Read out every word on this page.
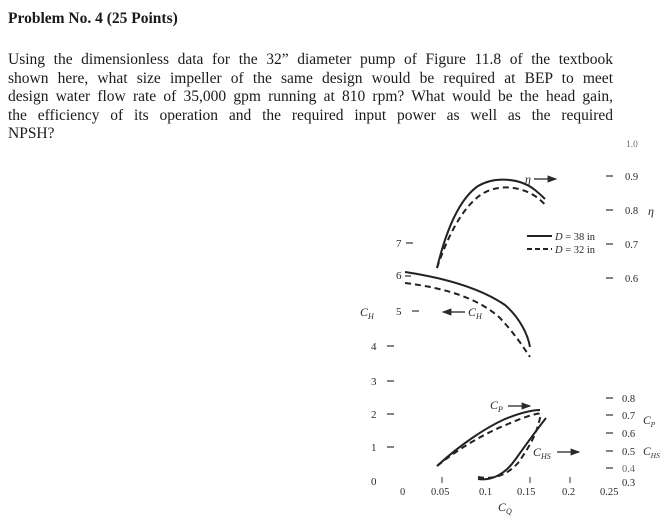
Problem No. 4 (25 Points)
Using the dimensionless data for the 32” diameter pump of Figure 11.8 of the textbook
shown here, what size impeller of the same design would be required at BEP to meet
design water flow rate of 35,000 gpm running at 810 rpm? What would be the head gain,
the efficiency of its operation and the required input power as well as the required
NPSH?
0
1
2
3
4
5
6
7
$C_H$
0 0.05	0.1 0.15	0.2 0.25
$C_Q$
1.0
0.9
0.8 η
0.7
0.6
0.8
0.7 $C_P$
0.6
0.5 $C_{HS}$
0.4
0.3
η
D = 38 in
D = 32 in
$C_H$
$C_P$
$C_{HS}$
